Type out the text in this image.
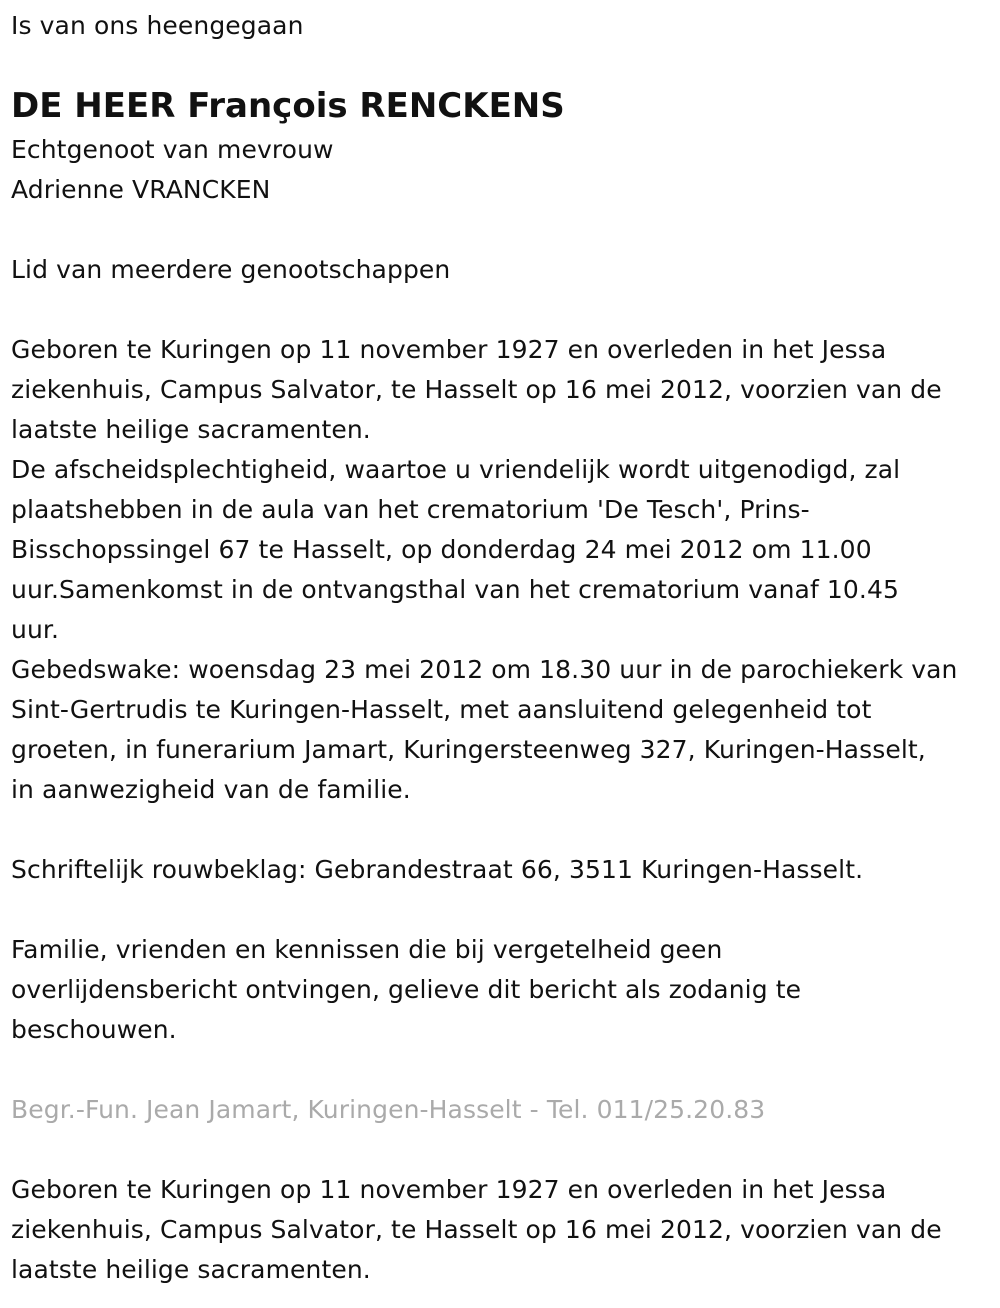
Is van ons heengegaan

DE HEER François RENCKENS

Echtgenoot van mevrouw

Adrienne VRANCKEN

Lid van meerdere genootschappen

Geboren te Kuringen op 11 november 1927 en overleden in het Jessa

ziekenhuis, Campus Salvator, te Hasselt op 16 mei 2012, voorzien van de

laatste heilige sacramenten.

De afscheidsplechtigheid, waartoe u vriendelijk wordt uitgenodigd, zal

plaatshebben in de aula van het crematorium 'De Tesch', Prins-

Bisschopssingel 67 te Hasselt, op donderdag 24 mei 2012 om 11.00

uur.Samenkomst in de ontvangsthal van het crematorium vanaf 10.45

uur.

Gebedswake: woensdag 23 mei 2012 om 18.30 uur in de parochiekerk van

Sint-Gertrudis te Kuringen-Hasselt, met aansluitend gelegenheid tot

groeten, in funerarium Jamart, Kuringersteenweg 327, Kuringen-Hasselt,

in aanwezigheid van de familie.

Schriftelijk rouwbeklag: Gebrandestraat 66, 3511 Kuringen-Hasselt.

Familie, vrienden en kennissen die bij vergetelheid geen

overlijdensbericht ontvingen, gelieve dit bericht als zodanig te

beschouwen.

Begr.-Fun. Jean Jamart, Kuringen-Hasselt - Tel. 011/25.20.83

Geboren te Kuringen op 11 november 1927 en overleden in het Jessa

ziekenhuis, Campus Salvator, te Hasselt op 16 mei 2012, voorzien van de

laatste heilige sacramenten.
